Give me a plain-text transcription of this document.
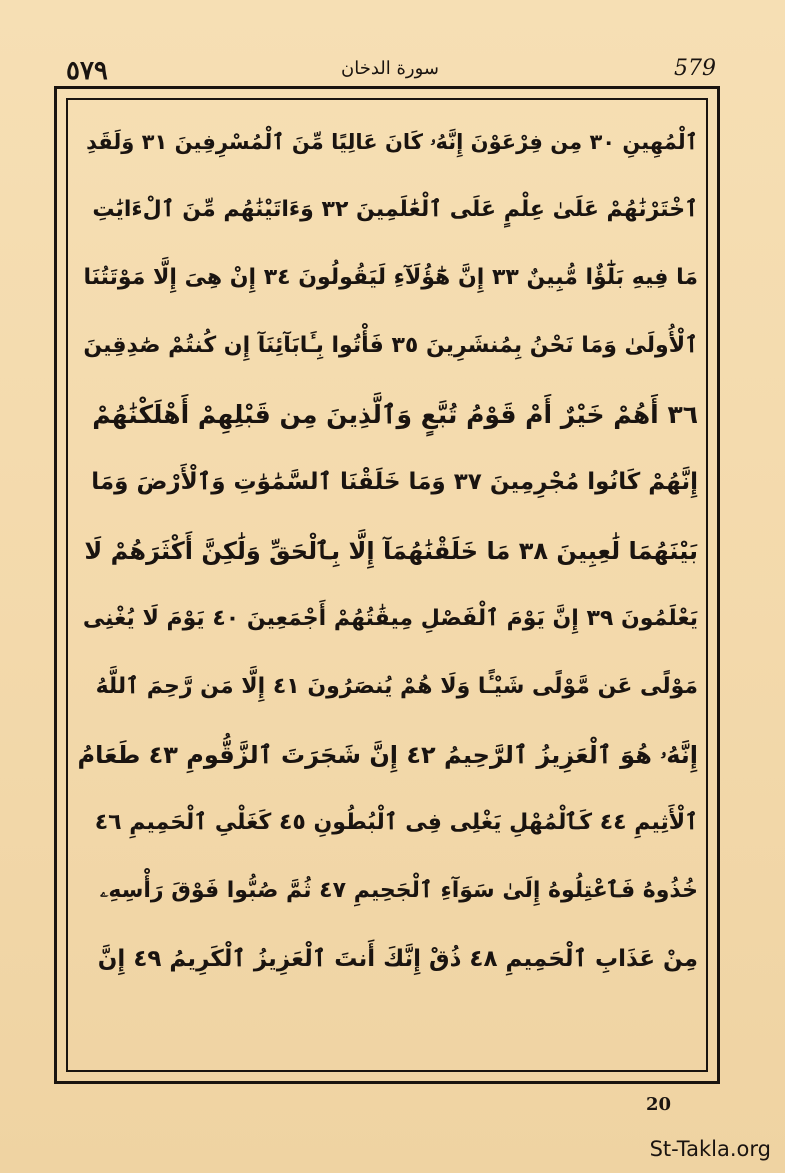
٥٧٩	سورة الدخان	579
ٱلْمُهِينِ ٣٠ مِن فِرْعَوْنَ إِنَّهُۥ كَانَ عَالِيًا مِّنَ ٱلْمُسْرِفِينَ ٣١ وَلَقَدِ
ٱخْتَرْنَٰهُمْ عَلَىٰ عِلْمٍ عَلَى ٱلْعَٰلَمِينَ ٣٢ وَءَاتَيْنَٰهُم مِّنَ ٱلْءَايَٰتِ
مَا فِيهِ بَلَٰٓؤٌا مُّبِينٌ ٣٣ إِنَّ هَٰٓؤُلَآءِ لَيَقُولُونَ ٣٤ إِنْ هِىَ إِلَّا مَوْتَتُنَا
ٱلْأُولَىٰ وَمَا نَحْنُ بِمُنشَرِينَ ٣٥ فَأْتُوا بِـَٔابَآئِنَآ إِن كُنتُمْ صَٰدِقِينَ
٣٦ أَهُمْ خَيْرٌ أَمْ قَوْمُ تُبَّعٍ وَٱلَّذِينَ مِن قَبْلِهِمْ أَهْلَكْنَٰهُمْ
إِنَّهُمْ كَانُوا مُجْرِمِينَ ٣٧ وَمَا خَلَقْنَا ٱلسَّمَٰوَٰتِ وَٱلْأَرْضَ وَمَا
بَيْنَهُمَا لَٰعِبِينَ ٣٨ مَا خَلَقْنَٰهُمَآ إِلَّا بِٱلْحَقِّ وَلَٰكِنَّ أَكْثَرَهُمْ لَا
يَعْلَمُونَ ٣٩ إِنَّ يَوْمَ ٱلْفَصْلِ مِيقَٰتُهُمْ أَجْمَعِينَ ٤٠ يَوْمَ لَا يُغْنِى
مَوْلًى عَن مَّوْلًى شَيْـًٔا وَلَا هُمْ يُنصَرُونَ ٤١ إِلَّا مَن رَّحِمَ ٱللَّهُ
إِنَّهُۥ هُوَ ٱلْعَزِيزُ ٱلرَّحِيمُ ٤٢ إِنَّ شَجَرَتَ ٱلزَّقُّومِ ٤٣ طَعَامُ
ٱلْأَثِيمِ ٤٤ كَٱلْمُهْلِ يَغْلِى فِى ٱلْبُطُونِ ٤٥ كَغَلْىِ ٱلْحَمِيمِ ٤٦
خُذُوهُ فَٱعْتِلُوهُ إِلَىٰ سَوَآءِ ٱلْجَحِيمِ ٤٧ ثُمَّ صُبُّوا فَوْقَ رَأْسِهِۦ
مِنْ عَذَابِ ٱلْحَمِيمِ ٤٨ ذُقْ إِنَّكَ أَنتَ ٱلْعَزِيزُ ٱلْكَرِيمُ ٤٩ إِنَّ
20
St-Takla.org
